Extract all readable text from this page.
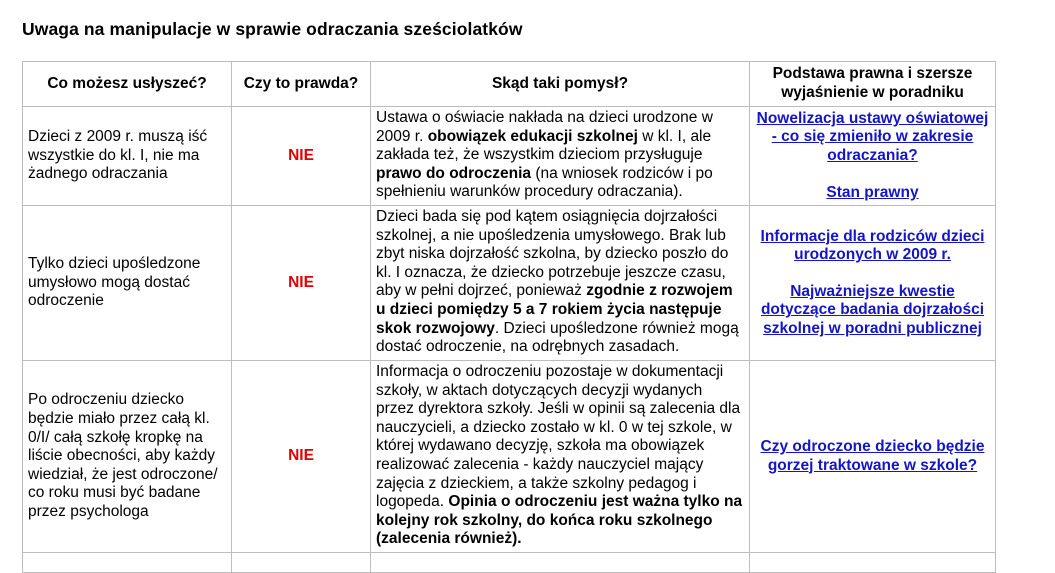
Uwaga na manipulacje w sprawie odraczania sześciolatków
Co możesz usłyszeć?	Czy to prawda?	Skąd taki pomysł?	Podstawa prawna i szersze wyjaśnienie w poradniku
Dzieci z 2009 r. muszą iść wszystkie do kl. I, nie ma żadnego odraczania	NIE	Ustawa o oświacie nakłada na dzieci urodzone w 2009 r. obowiązek edukacji szkolnej w kl. I, ale zakłada też, że wszystkim dzieciom przysługuje prawo do odroczenia (na wniosek rodziców i po spełnieniu warunków procedury odraczania).	Nowelizacja ustawy oświatowej - co się zmieniło w zakresie odraczania?
Stan prawny

Tylko dzieci upośledzone umysłowo mogą dostać odroczenie	NIE	Dzieci bada się pod kątem osiągnięcia dojrzałości szkolnej, a nie upośledzenia umysłowego. Brak lub zbyt niska dojrzałość szkolna, by dziecko poszło do kl. I oznacza, że dziecko potrzebuje jeszcze czasu, aby w pełni dojrzeć, ponieważ zgodnie z rozwojem u dzieci pomiędzy 5 a 7 rokiem życia następuje skok rozwojowy. Dzieci upośledzone również mogą dostać odroczenie, na odrębnych zasadach.	Informacje dla rodziców dzieci urodzonych w 2009 r.
Najważniejsze kwestie dotyczące badania dojrzałości szkolnej w poradni publicznej

Po odroczeniu dziecko będzie miało przez całą kl. 0/I/ całą szkołę kropkę na liście obecności, aby każdy wiedział, że jest odroczone/ co roku musi być badane przez psychologa	NIE	Informacja o odroczeniu pozostaje w dokumentacji szkoły, w aktach dotyczących decyzji wydanych przez dyrektora szkoły. Jeśli w opinii są zalecenia dla nauczycieli, a dziecko zostało w kl. 0 w tej szkole, w której wydawano decyzję, szkoła ma obowiązek realizować zalecenia - każdy nauczyciel mający zajęcia z dzieckiem, a także szkolny pedagog i logopeda. Opinia o odroczeniu jest ważna tylko na kolejny rok szkolny, do końca roku szkolnego (zalecenia również).	Czy odroczone dziecko będzie gorzej traktowane w szkole?
